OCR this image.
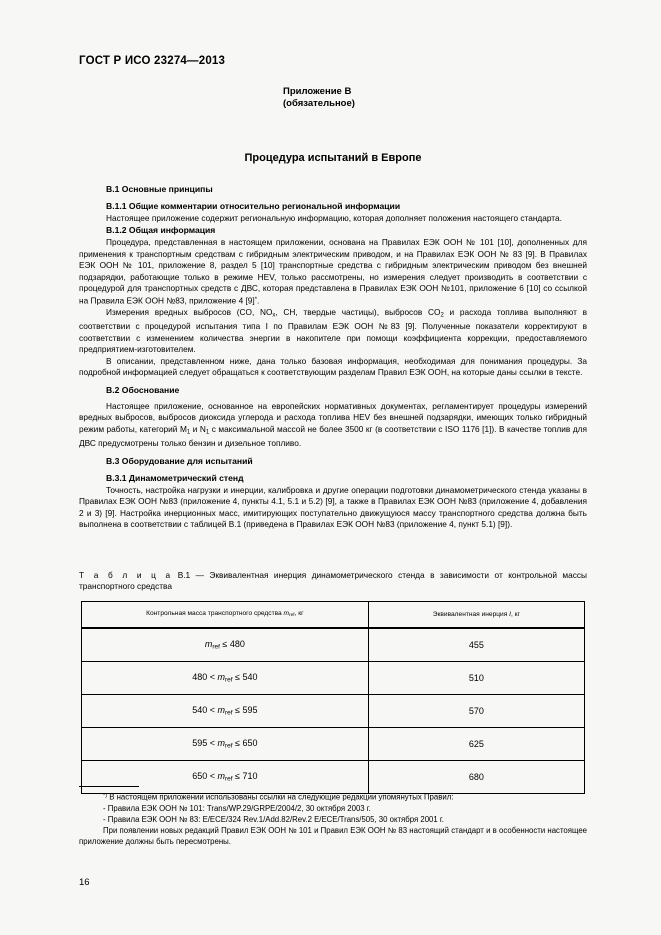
ГОСТ Р ИСО 23274—2013
Приложение В
(обязательное)
Процедура испытаний в Европе
В.1 Основные принципы
В.1.1 Общие комментарии относительно региональной информации

Настоящее приложение содержит региональную информацию, которая дополняет положения настоящего стандарта.

В.1.2 Общая информация

Процедура, представленная в настоящем приложении, основана на Правилах ЕЭК ООН № 101 [10], дополненных для применения к транспортным средствам с гибридным электрическим приводом, и на Правилах ЕЭК ООН № 83 [9]. В Правилах ЕЭК ООН № 101, приложение 8, раздел 5 [10] транспортные средства с гибридным электрическим приводом без внешней подзарядки, работающие только в режиме HEV, только рассмотрены, но измерения следует производить в соответствии с процедурой для транспортных средств с ДВС, которая представлена в Правилах ЕЭК ООН №101, приложение 6 [10] со ссылкой на Правила ЕЭК ООН №83, приложение 4 [9]*.

Измерения вредных выбросов (CO, $NO_x$, CH, твердые частицы), выбросов $CO_2$ и расхода топлива выполняют в соответствии с процедурой испытания типа I по Правилам ЕЭК ООН №83 [9]. Полученные показатели корректируют в соответствии с изменением количества энергии в накопителе при помощи коэффициента коррекции, предоставляемого предприятием-изготовителем.

В описании, представленном ниже, дана только базовая информация, необходимая для понимания процедуры. За подробной информацией следует обращаться к соответствующим разделам Правил ЕЭК ООН, на которые даны ссылки в тексте.

В.2 Обоснование

Настоящее приложение, основанное на европейских нормативных документах, регламентирует процедуры измерений вредных выбросов, выбросов диоксида углерода и расхода топлива HEV без внешней подзарядки, имеющих только гибридный режим работы, категорий $M_1$ и $N_1$ с максимальной массой не более 3500 кг (в соответствии с ISO 1176 [1]). В качестве топлив для ДВС предусмотрены только бензин и дизельное топливо.

В.3 Оборудование для испытаний
В.3.1 Динамометрический стенд

Точность, настройка нагрузки и инерции, калибровка и другие операции подготовки динамометрического стенда указаны в Правилах ЕЭК ООН №83 (приложение 4, пункты 4.1, 5.1 и 5.2) [9], а также в Правилах ЕЭК ООН №83 (приложение 4, добавления 2 и 3) [9]. Настройка инерционных масс, имитирующих поступательно движущуюся массу транспортного средства должна быть выполнена в соответствии с таблицей В.1 (приведена в Правилах ЕЭК ООН №83 (приложение 4, пункт 5.1) [9]).

Т а б л и ц а В.1 — Эквивалентная инерция динамометрического стенда в зависимости от контрольной массы транспортного средства
Контрольная масса транспортного средства $m_{ref}$, кг	Эквивалентная инерция I, кг
$m_{ref} \le 480$	455
$480 < m_{ref} \le 540$	510
$540 < m_{ref} \le 595$	570
$595 < m_{ref} \le 650$	625
$650 < m_{ref} \le 710$	680

*) В настоящем приложении использованы ссылки на следующие редакции упомянутых Правил:

- Правила ЕЭК ООН № 101: Trans/WP.29/GRPE/2004/2, 30 октября 2003 г.

- Правила ЕЭК ООН № 83: E/ECE/324 Rev.1/Add.82/Rev.2 E/ECE/Trans/505, 30 октября 2001 г.

При появлении новых редакций Правил ЕЭК ООН № 101 и Правил ЕЭК ООН № 83 настоящий стандарт и в особенности настоящее приложение должны быть пересмотрены.

16
